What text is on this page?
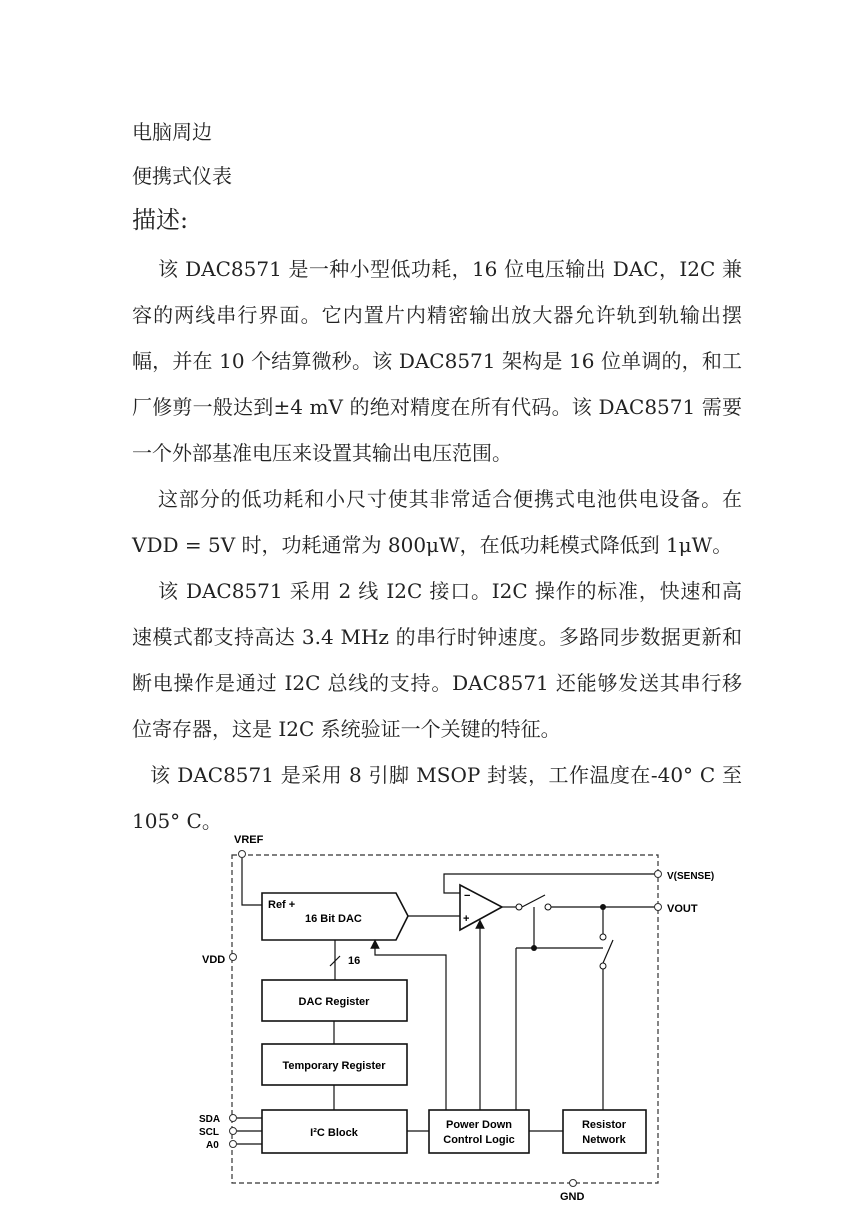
电脑周边
便携式仪表
描述:

该 DAC8571 是一种小型低功耗，16 位电压输出 DAC，I2C 兼容的两线串行界面。它内置片内精密输出放大器允许轨到轨输出摆幅，并在 10 个结算微秒。该 DAC8571 架构是 16 位单调的，和工厂修剪一般达到±4 mV 的绝对精度在所有代码。该 DAC8571 需要一个外部基准电压来设置其输出电压范围。

这部分的低功耗和小尺寸使其非常适合便携式电池供电设备。在 VDD = 5V 时，功耗通常为 800μW，在低功耗模式降低到 1μW。

该 DAC8571 采用 2 线 I2C 接口。I2C 操作的标准，快速和高速模式都支持高达 3.4 MHz 的串行时钟速度。多路同步数据更新和断电操作是通过 I2C 总线的支持。DAC8571 还能够发送其串行移位寄存器，这是 I2C 系统验证一个关键的特征。

该 DAC8571 是采用 8 引脚 MSOP 封装，工作温度在-40° C 至 105° C。

VREF
VDD
Ref +
16 Bit DAC
−
+
V(SENSE)
VOUT
16
DAC Register
Temporary Register
I²C Block
Power Down
Control Logic
Resistor
Network
SDA
SCL
A0
GND
